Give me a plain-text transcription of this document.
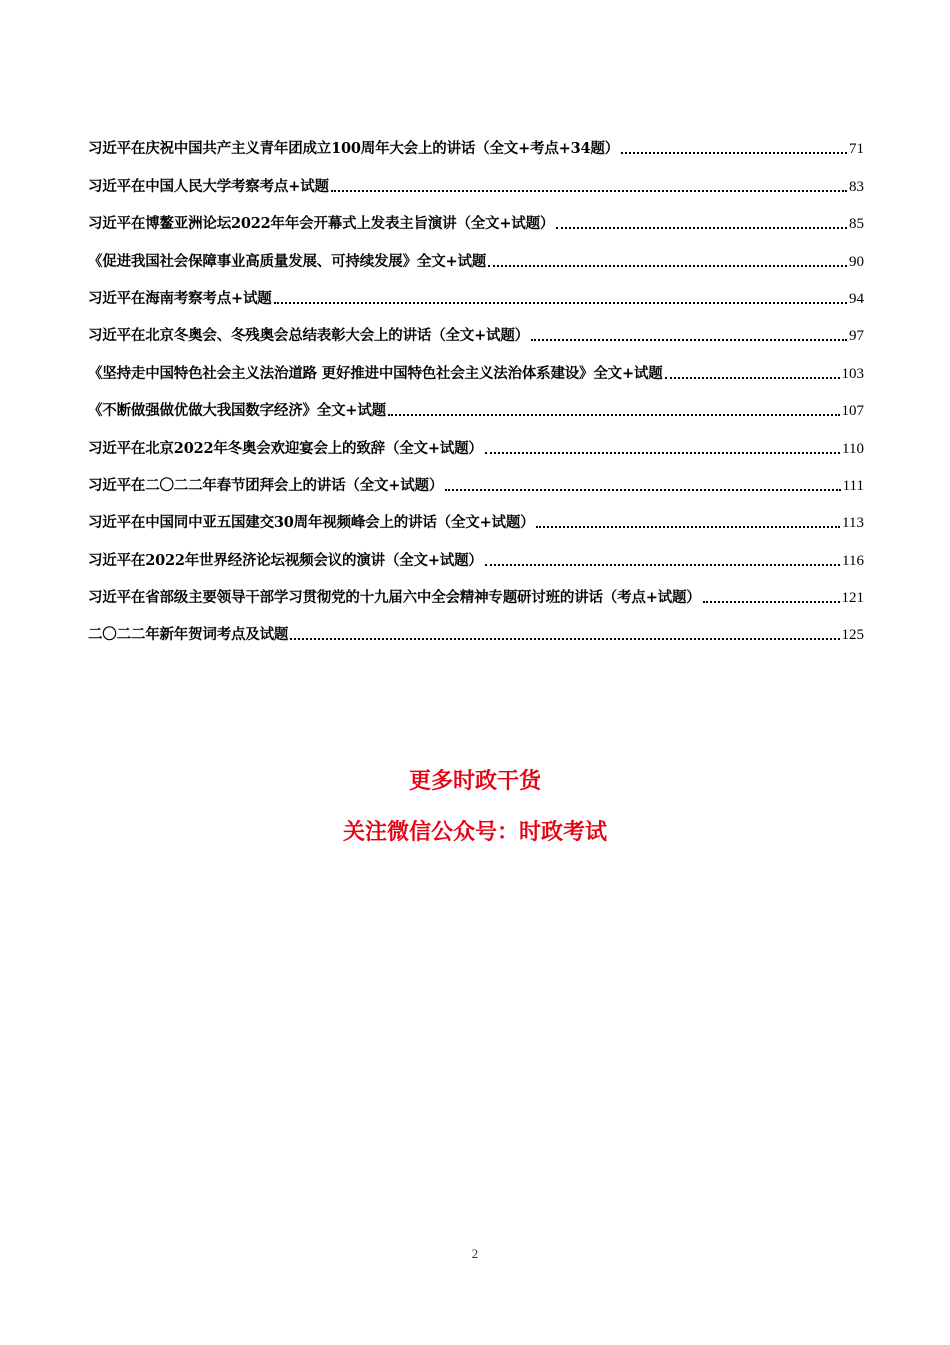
习近平在庆祝中国共产主义青年团成立100周年大会上的讲话（全文+考点+34题）	71
习近平在中国人民大学考察考点+试题	83
习近平在博鳌亚洲论坛2022年年会开幕式上发表主旨演讲（全文+试题）	85
《促进我国社会保障事业高质量发展、可持续发展》全文+试题	90
习近平在海南考察考点+试题	94
习近平在北京冬奥会、冬残奥会总结表彰大会上的讲话（全文+试题）	97
《坚持走中国特色社会主义法治道路 更好推进中国特色社会主义法治体系建设》全文+试题	103
《不断做强做优做大我国数字经济》全文+试题	107
习近平在北京2022年冬奥会欢迎宴会上的致辞（全文+试题）	110
习近平在二〇二二年春节团拜会上的讲话（全文+试题）	111
习近平在中国同中亚五国建交30周年视频峰会上的讲话（全文+试题）	113
习近平在2022年世界经济论坛视频会议的演讲（全文+试题）	116
习近平在省部级主要领导干部学习贯彻党的十九届六中全会精神专题研讨班的讲话（考点+试题）	121
二〇二二年新年贺词考点及试题	125
更多时政干货
关注微信公众号：时政考试
2
